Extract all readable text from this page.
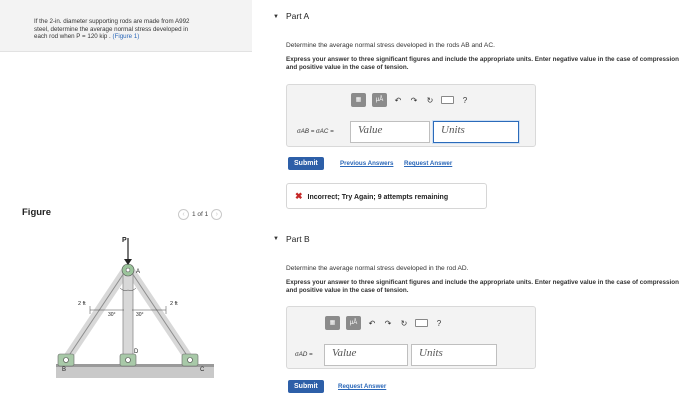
If the 2-in. diameter supporting rods are made from A992
steel, determine the average normal stress developed in
each rod when P = 120 kip . (Figure 1)
Figure	‹	1 of 1	›
P
A
2 ft	2 ft
30°	30°
B
D
C
▼ Part A
Determine the average normal stress developed in the rods AB and AC.
Express your answer to three significant figures and include the appropriate units. Enter negative value in the case of compression and positive value in the case of tension.
▦	μÅ	↶ ↷ ↻	?
σAB = σAC =	Value	Units
Submit	Previous Answers Request Answer
✖ Incorrect; Try Again; 9 attempts remaining
▼ Part B
Determine the average normal stress developed in the rod AD.
Express your answer to three significant figures and include the appropriate units. Enter negative value in the case of compression and positive value in the case of tension.
▦	μÅ	↶ ↷ ↻	?
σAD =	Value	Units
Submit	Request Answer
